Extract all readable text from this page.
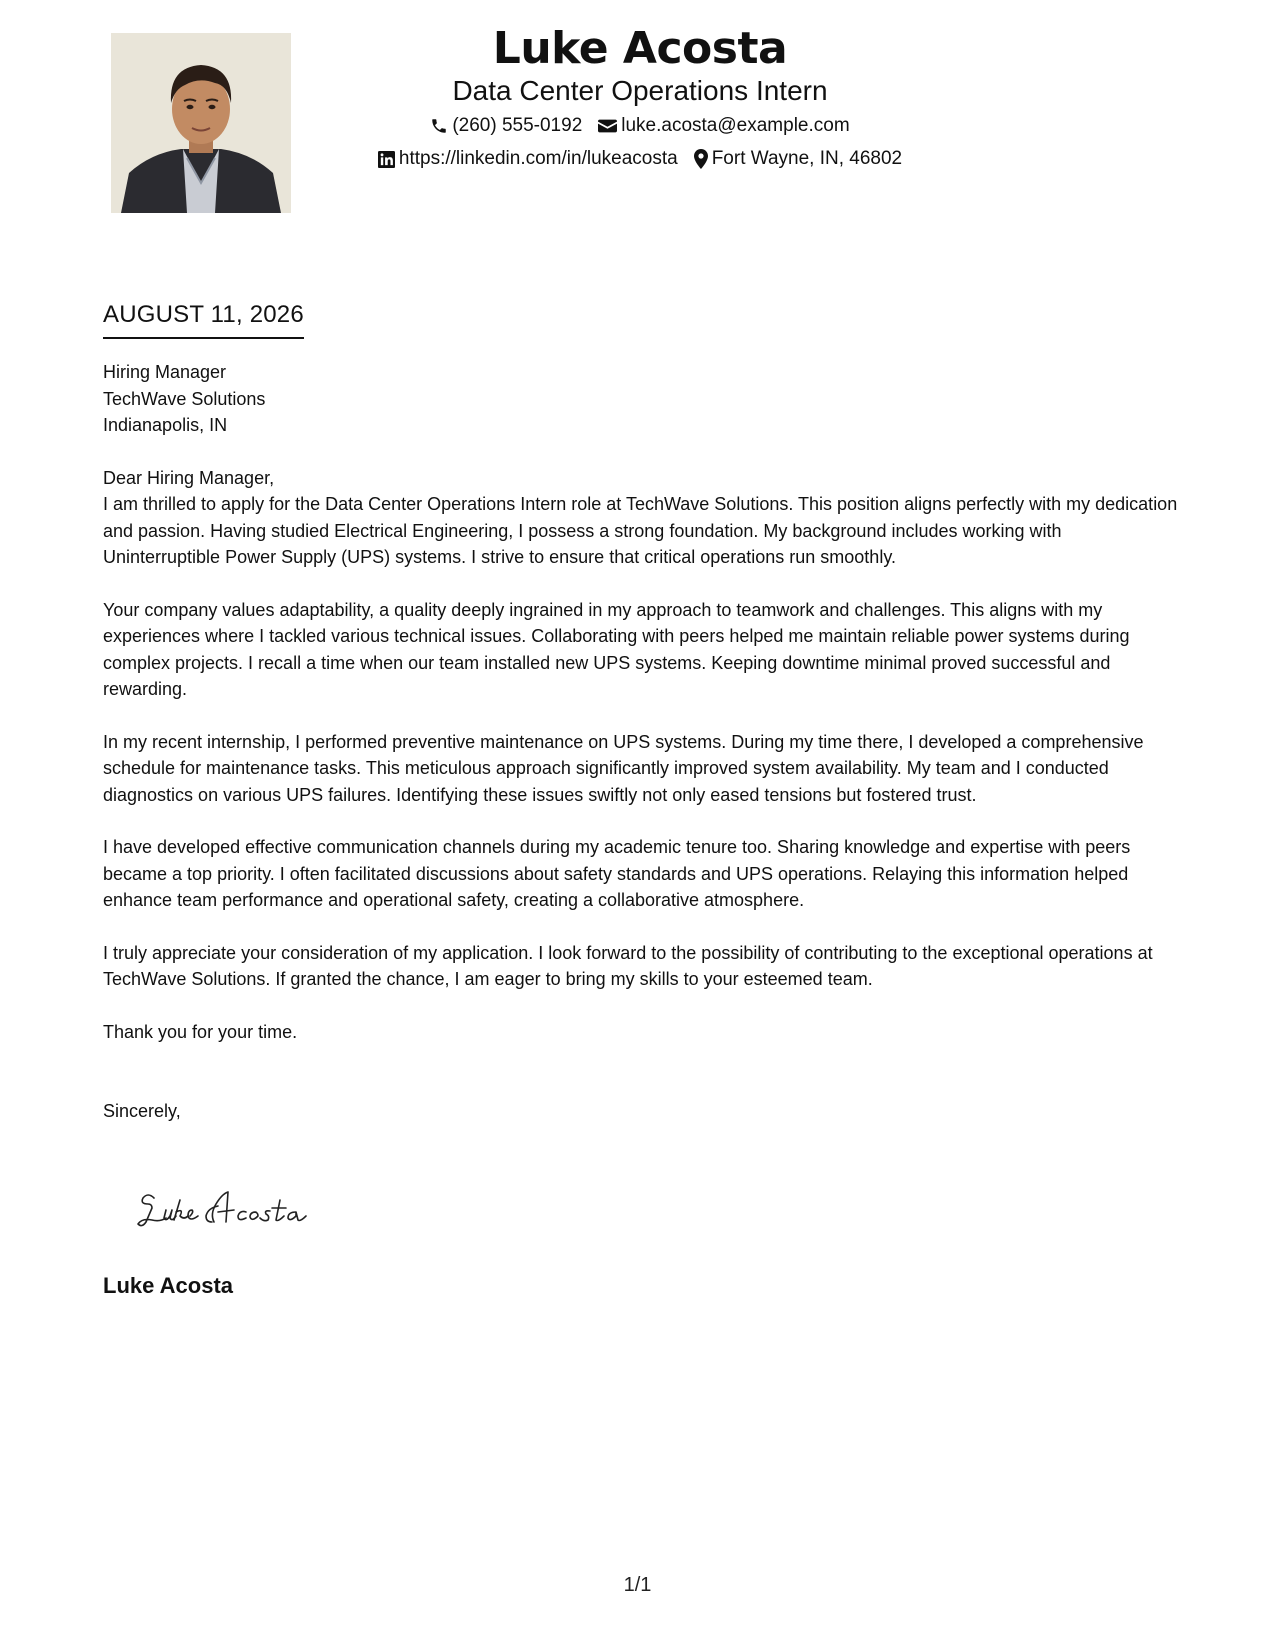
Luke Acosta
Data Center Operations Intern
(260) 555-0192 luke.acosta@example.com
https://linkedin.com/in/lukeacosta Fort Wayne, IN, 46802
AUGUST 11, 2026

Hiring Manager

TechWave Solutions

Indianapolis, IN

Dear Hiring Manager,

I am thrilled to apply for the Data Center Operations Intern role at TechWave Solutions. This position aligns perfectly with my dedication and passion. Having studied Electrical Engineering, I possess a strong foundation. My background includes working with Uninterruptible Power Supply (UPS) systems. I strive to ensure that critical operations run smoothly.

Your company values adaptability, a quality deeply ingrained in my approach to teamwork and challenges. This aligns with my experiences where I tackled various technical issues. Collaborating with peers helped me maintain reliable power systems during complex projects. I recall a time when our team installed new UPS systems. Keeping downtime minimal proved successful and rewarding.

In my recent internship, I performed preventive maintenance on UPS systems. During my time there, I developed a comprehensive schedule for maintenance tasks. This meticulous approach significantly improved system availability. My team and I conducted diagnostics on various UPS failures. Identifying these issues swiftly not only eased tensions but fostered trust.

I have developed effective communication channels during my academic tenure too. Sharing knowledge and expertise with peers became a top priority. I often facilitated discussions about safety standards and UPS operations. Relaying this information helped enhance team performance and operational safety, creating a collaborative atmosphere.

I truly appreciate your consideration of my application. I look forward to the possibility of contributing to the exceptional operations at TechWave Solutions. If granted the chance, I am eager to bring my skills to your esteemed team.

Thank you for your time.

Sincerely,

Luke Acosta
1/1
